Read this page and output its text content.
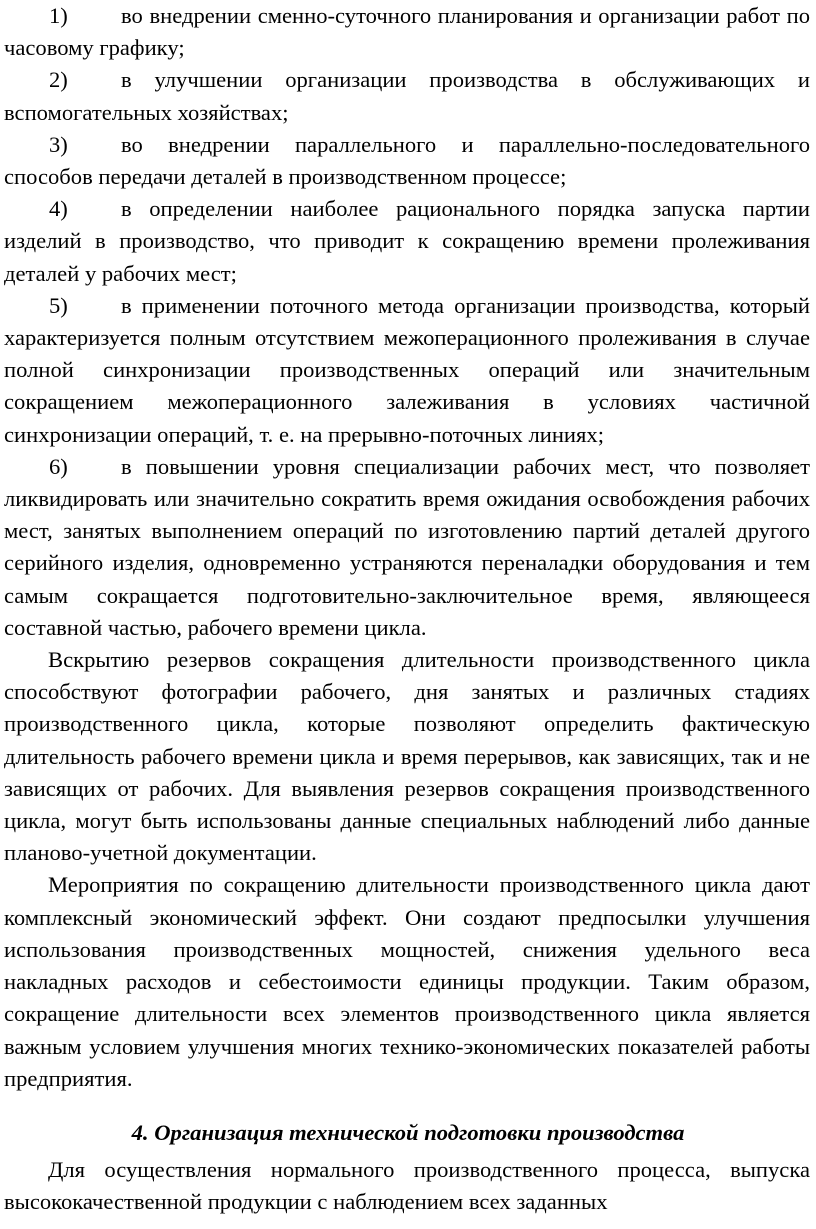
1) во внедрении сменно-суточного планирования и организации работ по часовому графику;
2) в улучшении организации производства в обслуживающих и вспомогательных хозяйствах;
3) во внедрении параллельного и параллельно-последовательного способов передачи деталей в производственном процессе;
4) в определении наиболее рационального порядка запуска партии изделий в производство, что приводит к сокращению времени пролеживания деталей у рабочих мест;
5) в применении поточного метода организации производства, который характеризуется полным отсутствием межоперационного пролеживания в случае полной синхронизации производственных операций или значительным сокращением межоперационного залеживания в условиях частичной синхронизации операций, т. е. на прерывно-поточных линиях;
6) в повышении уровня специализации рабочих мест, что позволяет ликвидировать или значительно сократить время ожидания освобождения рабочих мест, занятых выполнением операций по изготовлению партий деталей другого серийного изделия, одновременно устраняются переналадки оборудования и тем самым сокращается подготовительно-заключительное время, являющееся составной частью, рабочего времени цикла.

Вскрытию резервов сокращения длительности производственного цикла способствуют фотографии рабочего, дня занятых и различных стадиях производственного цикла, которые позволяют определить фактическую длительность рабочего времени цикла и время перерывов, как зависящих, так и не зависящих от рабочих. Для выявления резервов сокращения производственного цикла, могут быть использованы данные специальных наблюдений либо данные планово-учетной документации.

Мероприятия по сокращению длительности производственного цикла дают комплексный экономический эффект. Они создают предпосылки улучшения использования производственных мощностей, снижения удельного веса накладных расходов и себестоимости единицы продукции. Таким образом, сокращение длительности всех элементов производственного цикла является важным условием улучшения многих технико-экономических показателей работы предприятия.

4. Организация технической подготовки производства

Для осуществления нормального производственного процесса, выпуска высококачественной продукции с наблюдением всех заданных
